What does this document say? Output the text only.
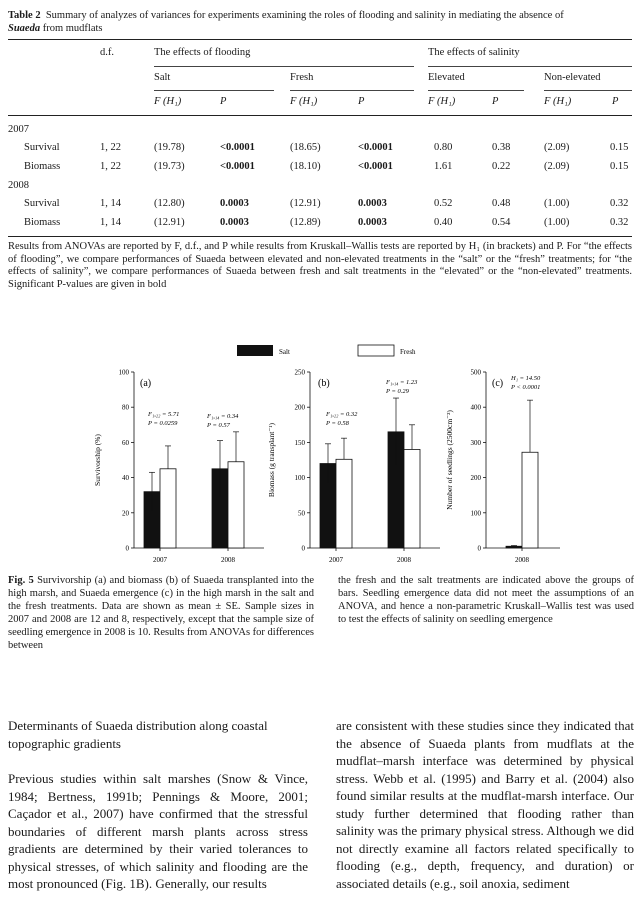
Table 2 Summary of analyzes of variances for experiments examining the roles of flooding and salinity in mediating the absence of
Suaeda from mudflats
d.f.	The effects of flooding	The effects of salinity
Salt	Fresh	Elevated	Non-elevated
F (H₁)	P	F (H₁)	P	F (H₁)	P	F (H₁)	P
2007
Survival	1, 22	(19.78)	<0.0001	(18.65)	<0.0001	0.80	0.38	(2.09)	0.15
Biomass	1, 22	(19.73)	<0.0001	(18.10)	<0.0001	1.61	0.22	(2.09)	0.15
2008
Survival	1, 14	(12.80)	0.0003	(12.91)	0.0003	0.52	0.48	(1.00)	0.32
Biomass	1, 14	(12.91)	0.0003	(12.89)	0.0003	0.40	0.54	(1.00)	0.32
Results from ANOVAs are reported by F, d.f., and P while results from Kruskall–Wallis tests are reported by H₁ (in brackets) and P. For “the effects of flooding”, we compare performances of Suaeda between elevated and non-elevated treatments in the “salt” or the “fresh” treatments; for “the effects of salinity”, we compare performances of Suaeda between fresh and salt treatments in the “elevated” or the “non-elevated” treatments. Significant P-values are given in bold
Salt	Fresh
0
20
40
60
80
100
Survivorship (%)
2007	2008
0
50
100
150
200
250
Biomass (g transplant⁻¹)
2007	2008
0
100
200
300
400
500
Number of seedlings (2500cm⁻²)
2008
(a)	(b)	(c)
F₁,₂₂ = 5.71
P = 0.0259
F₁,₁₄ = 0.34
P = 0.57
F₁,₂₂ = 0.32
P = 0.58
F₁,₁₄ = 1.23
P = 0.29
H₁ = 14.50
P < 0.0001
Fig. 5 Survivorship (a) and biomass (b) of Suaeda transplanted into the high marsh, and Suaeda emergence (c) in the high marsh in the salt and the fresh treatments. Data are shown as mean ± SE. Sample sizes in 2007 and 2008 are 12 and 8, respectively, except that the sample size of seedling emergence in 2008 is 10. Results from ANOVAs for differences between
the fresh and the salt treatments are indicated above the groups of bars. Seedling emergence data did not meet the assumptions of an ANOVA, and hence a non-parametric Kruskall–Wallis test was used to test the effects of salinity on seedling emergence

Determinants of Suaeda distribution along coastal topographic gradients

Previous studies within salt marshes (Snow & Vince, 1984; Bertness, 1991b; Pennings & Moore, 2001; Caçador et al., 2007) have confirmed that the stressful boundaries of different marsh plants across stress gradients are determined by their varied tolerances to physical stresses, of which salinity and flooding are the most pronounced (Fig. 1B). Generally, our results

are consistent with these studies since they indicated that the absence of Suaeda plants from mudflats at the mudflat–marsh interface was determined by physical stress. Webb et al. (1995) and Barry et al. (2004) also found similar results at the mudflat-marsh interface. Our study further determined that flooding rather than salinity was the primary physical stress. Although we did not directly examine all factors related specifically to flooding (e.g., depth, frequency, and duration) or associated details (e.g., soil anoxia, sediment
